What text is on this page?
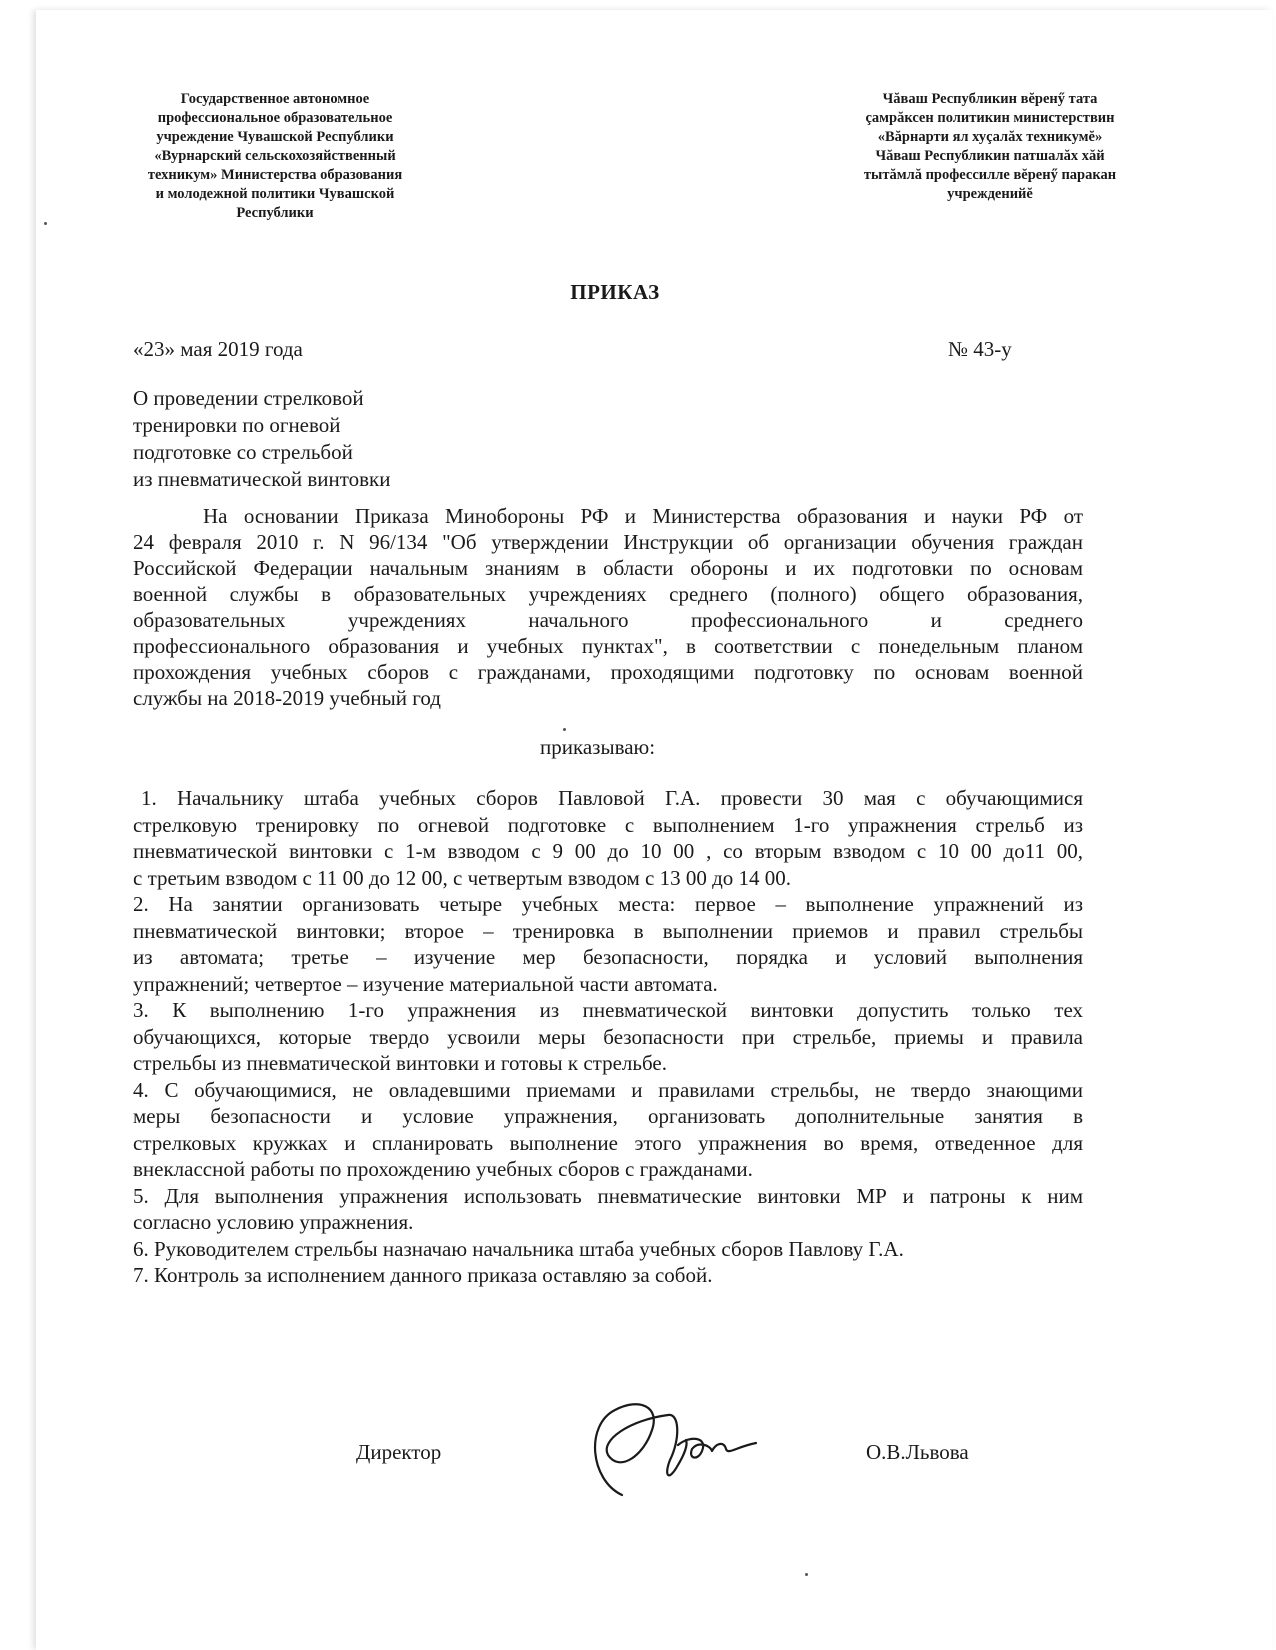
Государственное автономное
профессиональное образовательное
учреждение Чувашской Республики
«Вурнарский сельскохозяйственный
техникум» Министерства образования
и молодежной политики Чувашской
Республики
Чăваш Республикин вĕренӳ тата
çамрăксен политикин министерствин
«Вăрнарти ял хуçалăх техникумĕ»
Чăваш Республикин патшалăх хăй
тытăмлă профессилле вĕренӳ паракан
учрежденийĕ
ПРИКАЗ
«23» мая 2019 года	№ 43-у
О проведении стрелковой
тренировки по огневой
подготовке со стрельбой
из пневматической винтовки
На основании Приказа Минобороны РФ и Министерства образования и науки РФ от
24 февраля 2010 г. N 96/134 "Об утверждении Инструкции об организации обучения граждан
Российской Федерации начальным знаниям в области обороны и их подготовки по основам
военной службы в образовательных учреждениях среднего (полного) общего образования,
образовательных учреждениях начального профессионального и среднего
профессионального образования и учебных пунктах", в соответствии с понедельным планом
прохождения учебных сборов с гражданами, проходящими подготовку по основам военной
службы на 2018-2019 учебный год
приказываю:
1. Начальнику штаба учебных сборов Павловой Г.А. провести 30 мая с обучающимися
стрелковую тренировку по огневой подготовке с выполнением 1-го упражнения стрельб из
пневматической винтовки с 1-м взводом с 9 00 до 10 00 , со вторым взводом с 10 00 до11 00,
с третьим взводом с 11 00 до 12 00, с четвертым взводом с 13 00 до 14 00.
2. На занятии организовать четыре учебных места: первое – выполнение упражнений из
пневматической винтовки; второе – тренировка в выполнении приемов и правил стрельбы
из автомата; третье – изучение мер безопасности, порядка и условий выполнения
упражнений; четвертое – изучение материальной части автомата.
3. К выполнению 1-го упражнения из пневматической винтовки допустить только тех
обучающихся, которые твердо усвоили меры безопасности при стрельбе, приемы и правила
стрельбы из пневматической винтовки и готовы к стрельбе.
4. С обучающимися, не овладевшими приемами и правилами стрельбы, не твердо знающими
меры безопасности и условие упражнения, организовать дополнительные занятия в
стрелковых кружках и спланировать выполнение этого упражнения во время, отведенное для
внеклассной работы по прохождению учебных сборов с гражданами.
5. Для выполнения упражнения использовать пневматические винтовки МР и патроны к ним
согласно условию упражнения.
6. Руководителем стрельбы назначаю начальника штаба учебных сборов Павлову Г.А.
7. Контроль за исполнением данного приказа оставляю за собой.
Директор	О.В.Львова
